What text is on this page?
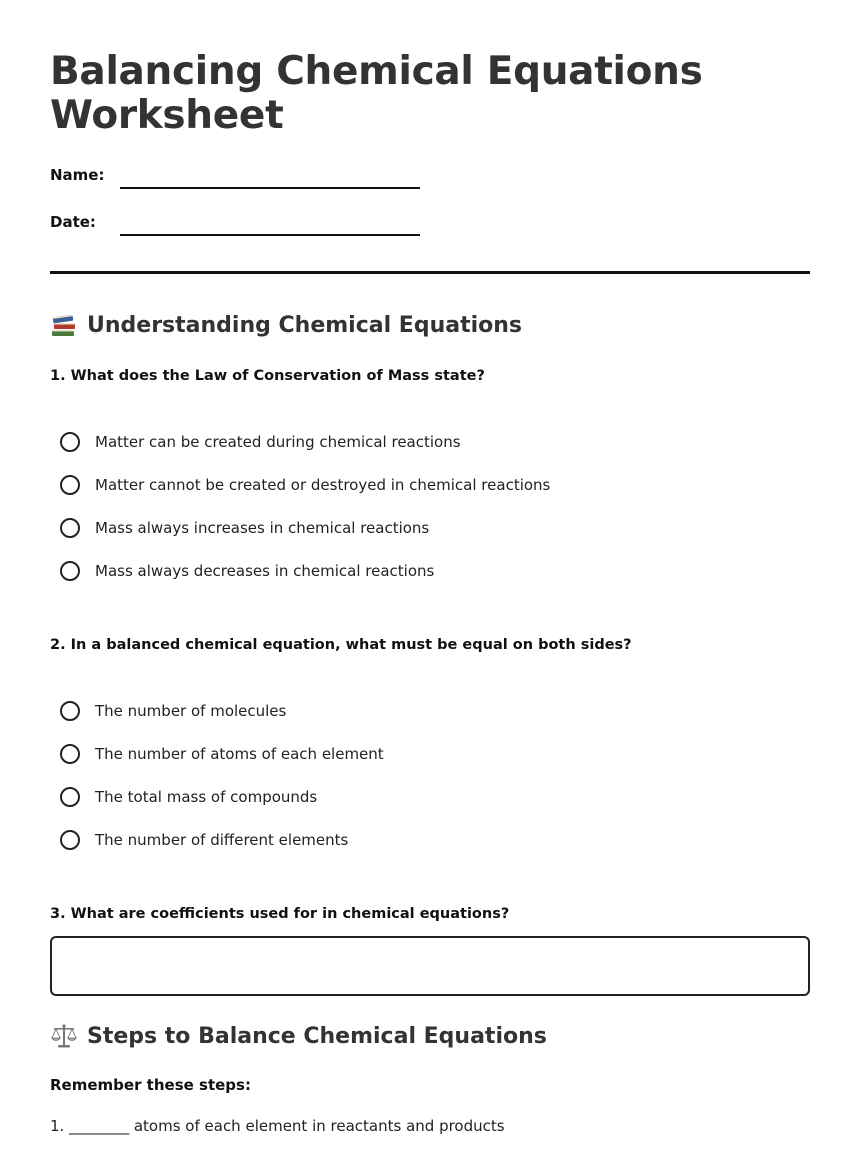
Balancing Chemical Equations Worksheet
Name:
Date:
Understanding Chemical Equations
1. What does the Law of Conservation of Mass state?
Matter can be created during chemical reactions
Matter cannot be created or destroyed in chemical reactions
Mass always increases in chemical reactions
Mass always decreases in chemical reactions
2. In a balanced chemical equation, what must be equal on both sides?
The number of molecules
The number of atoms of each element
The total mass of compounds
The number of different elements
3. What are coefficients used for in chemical equations?
Steps to Balance Chemical Equations
Remember these steps:
1. ________ atoms of each element in reactants and products
